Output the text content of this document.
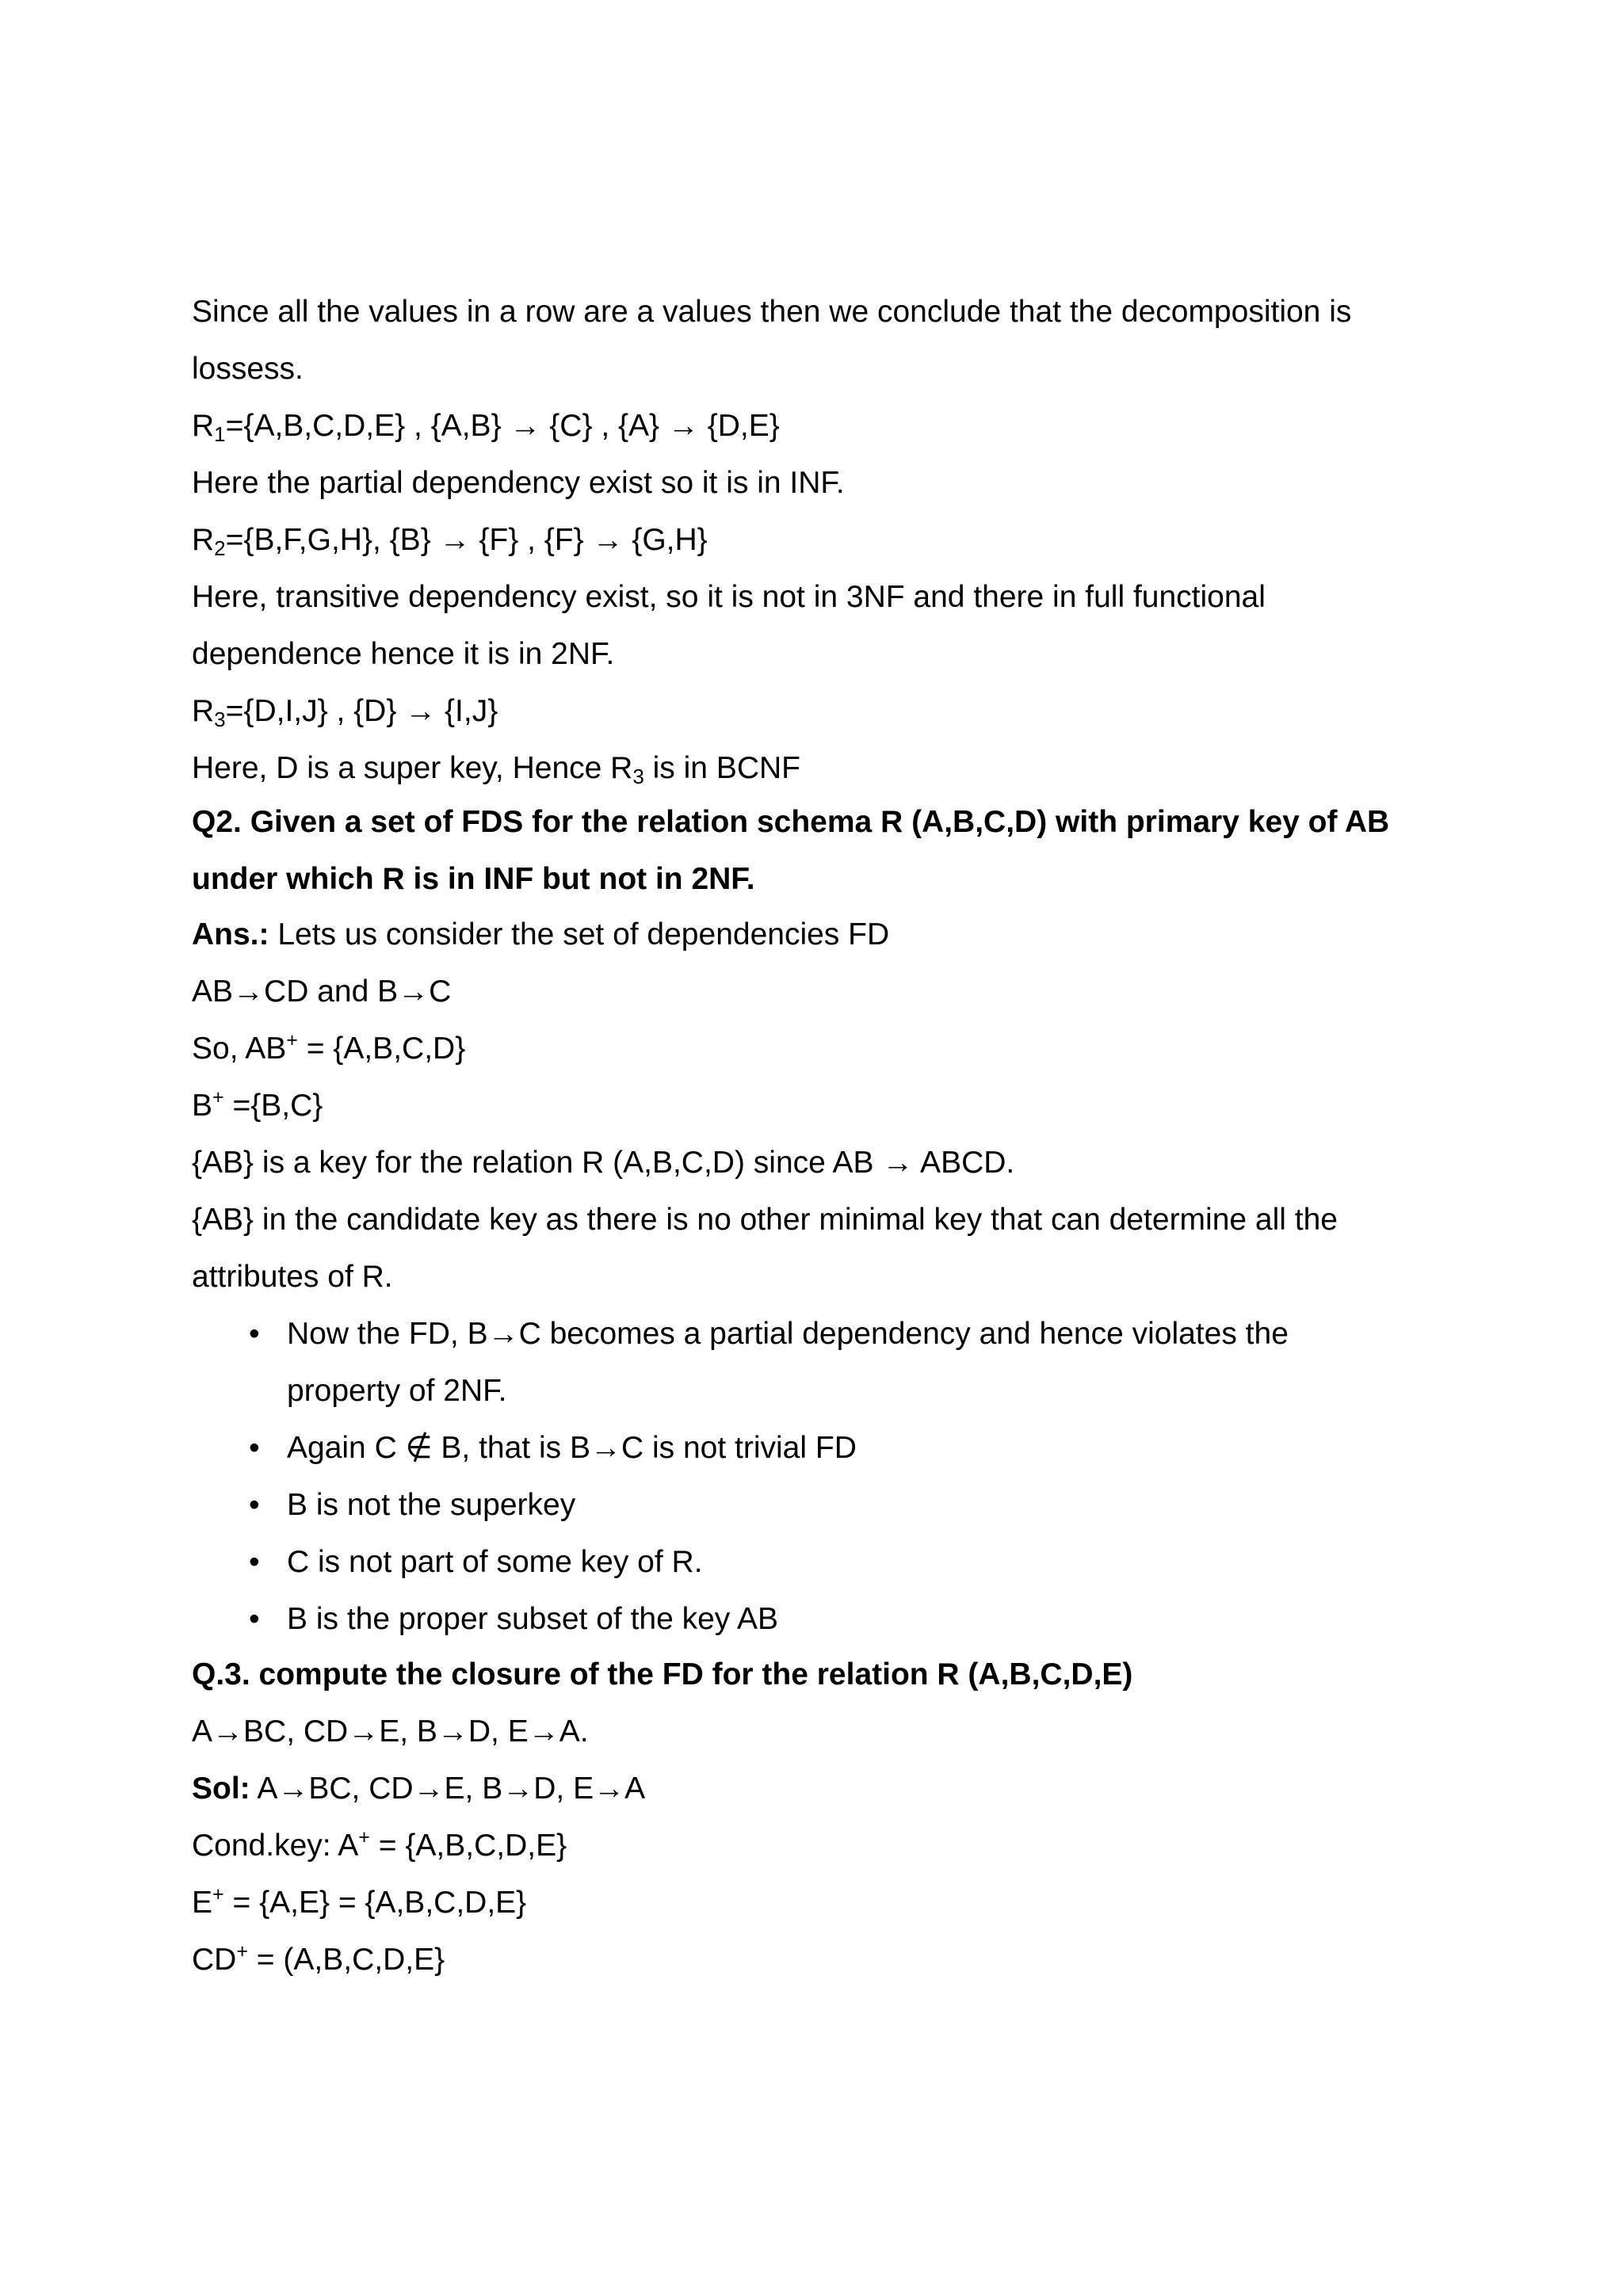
Since all the values in a row are a values then we conclude that the decomposition is

lossess.

$R_1=\{A,B,C,D,E\}$ , {A,B} → {C} , {A} → {D,E}

Here the partial dependency exist so it is in INF.

$R_2=\{B,F,G,H\}$, {B} → {F} , {F} → {G,H}

Here, transitive dependency exist, so it is not in 3NF and there in full functional

dependence hence it is in 2NF.

$R_3=\{D,I,J\}$ , {D} → {I,J}

Here, D is a super key, Hence $R_3$ is in BCNF

Q2. Given a set of FDS for the relation schema R (A,B,C,D) with primary key of AB

under which R is in INF but not in 2NF.

Ans.: Lets us consider the set of dependencies FD

AB→CD and B→C

So, AB+ = {A,B,C,D}

B+ ={B,C}

{AB} is a key for the relation R (A,B,C,D) since AB → ABCD.

{AB} in the candidate key as there is no other minimal key that can determine all the

attributes of R.

• Now the FD, B→C becomes a partial dependency and hence violates the

property of 2NF.

• Again C ∉ B, that is B→C is not trivial FD

• B is not the superkey

• C is not part of some key of R.

• B is the proper subset of the key AB

Q.3. compute the closure of the FD for the relation R (A,B,C,D,E)

A→BC, CD→E, B→D, E→A.

Sol: A→BC, CD→E, B→D, E→A

Cond.key: A+ = {A,B,C,D,E}

E+ = {A,E} = {A,B,C,D,E}

CD+ = (A,B,C,D,E}
